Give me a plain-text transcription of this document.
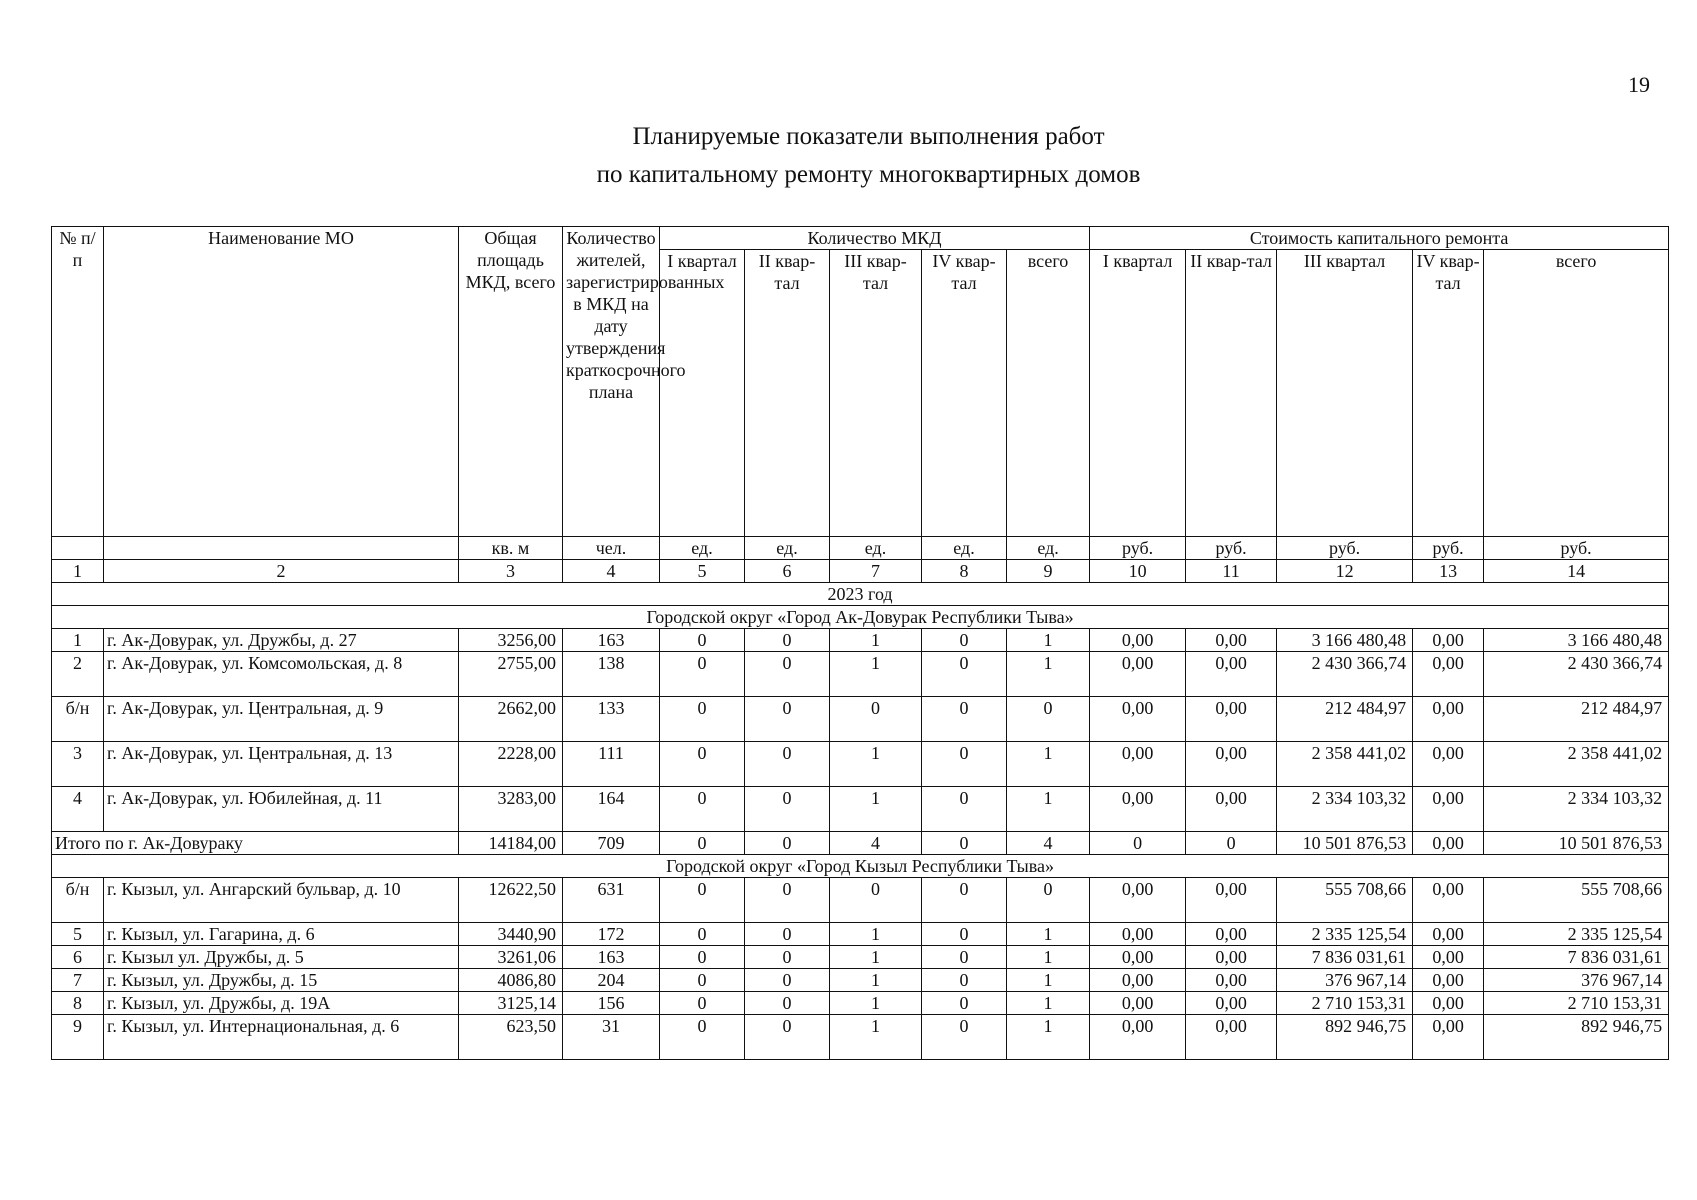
19
Планируемые показатели выполнения работ
по капитальному ремонту многоквартирных домов
№ п/п	Наименование МО	Общая площадь МКД, всего	Количество жителей, зарегистрированных в МКД на дату утверждения краткосрочного плана	Количество МКД					Стоимость капитального ремонта				
				I квартал	II квар-тал	III квар-тал	IV квар-тал	всего	I квартал	II квар-тал	III квартал	IV квар-тал	всего
		кв. м	чел.	ед.	ед.	ед.	ед.	ед.	руб.	руб.	руб.	руб.	руб.
1	2	3	4	5	6	7	8	9	10	11	12	13	14
2023 год													
Городской округ «Город Ак-Довурак Республики Тыва»													
1	г. Ак-Довурак, ул. Дружбы, д. 27	3256,00	163	0	0	1	0	1	0,00	0,00	3 166 480,48	0,00	3 166 480,48
2	г. Ак-Довурак, ул. Комсомольская, д. 8	2755,00	138	0	0	1	0	1	0,00	0,00	2 430 366,74	0,00	2 430 366,74
б/н	г. Ак-Довурак, ул. Центральная, д. 9	2662,00	133	0	0	0	0	0	0,00	0,00	212 484,97	0,00	212 484,97
3	г. Ак-Довурак, ул. Центральная, д. 13	2228,00	111	0	0	1	0	1	0,00	0,00	2 358 441,02	0,00	2 358 441,02
4	г. Ак-Довурак, ул. Юбилейная, д. 11	3283,00	164	0	0	1	0	1	0,00	0,00	2 334 103,32	0,00	2 334 103,32
Итого по г. Ак-Довураку		14184,00	709	0	0	4	0	4	0	0	10 501 876,53	0,00	10 501 876,53
Городской округ «Город Кызыл Республики Тыва»													
б/н	г. Кызыл, ул. Ангарский бульвар, д. 10	12622,50	631	0	0	0	0	0	0,00	0,00	555 708,66	0,00	555 708,66
5	г. Кызыл, ул. Гагарина, д. 6	3440,90	172	0	0	1	0	1	0,00	0,00	2 335 125,54	0,00	2 335 125,54
6	г. Кызыл ул. Дружбы, д. 5	3261,06	163	0	0	1	0	1	0,00	0,00	7 836 031,61	0,00	7 836 031,61
7	г. Кызыл, ул. Дружбы, д. 15	4086,80	204	0	0	1	0	1	0,00	0,00	376 967,14	0,00	376 967,14
8	г. Кызыл, ул. Дружбы, д. 19А	3125,14	156	0	0	1	0	1	0,00	0,00	2 710 153,31	0,00	2 710 153,31
9	г. Кызыл, ул. Интернациональная, д. 6	623,50	31	0	0	1	0	1	0,00	0,00	892 946,75	0,00	892 946,75
